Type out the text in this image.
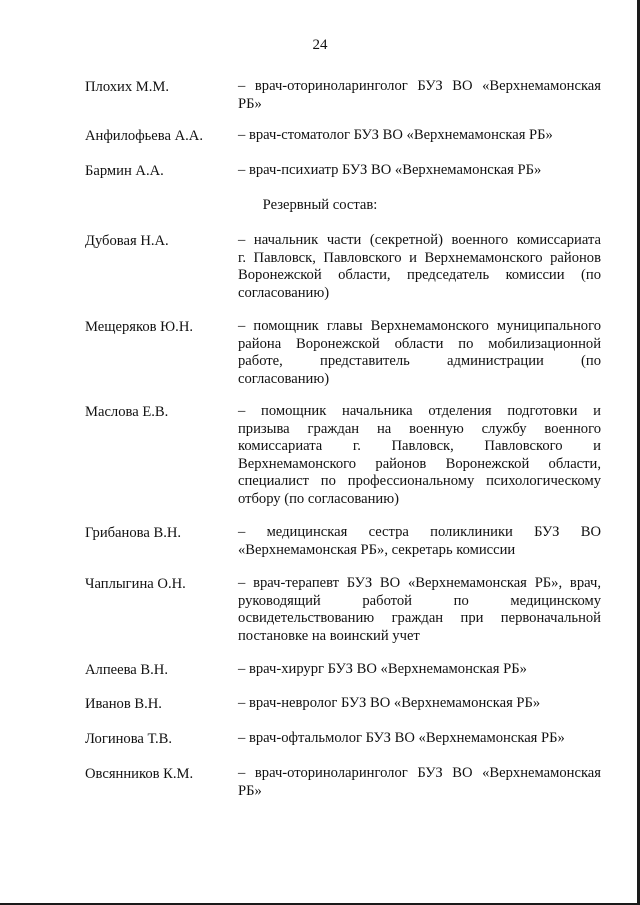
24
Плохих М.М.	– врач-оториноларинголог БУЗ ВО «Верхнемамонская
РБ»
Анфилофьева А.А. – врач-стоматолог БУЗ ВО «Верхнемамонская РБ»
Бармин А.А.	– врач-психиатр БУЗ ВО «Верхнемамонская РБ»
Резервный состав:
Дубовая Н.А.	– начальник части (секретной) военного комиссариата
г. Павловск, Павловского и Верхнемамонского районов
Воронежской области, председатель комиссии (по
согласованию)
Мещеряков Ю.Н.	– помощник главы Верхнемамонского муниципального
района Воронежской области по мобилизационной
работе, представитель администрации (по
согласованию)
Маслова Е.В.	– помощник начальника отделения подготовки и
призыва граждан на военную службу военного
комиссариата г. Павловск, Павловского и
Верхнемамонского районов Воронежской области,
специалист по профессиональному психологическому
отбору (по согласованию)
Грибанова В.Н.	– медицинская сестра поликлиники БУЗ ВО
«Верхнемамонская РБ», секретарь комиссии
Чаплыгина О.Н.	– врач-терапевт БУЗ ВО «Верхнемамонская РБ», врач,
руководящий работой по медицинскому
освидетельствованию граждан при первоначальной
постановке на воинский учет
Алпеева В.Н.	– врач-хирург БУЗ ВО «Верхнемамонская РБ»
Иванов В.Н.	– врач-невролог БУЗ ВО «Верхнемамонская РБ»
Логинова Т.В.	– врач-офтальмолог БУЗ ВО «Верхнемамонская РБ»
Овсянников К.М.	– врач-оториноларинголог БУЗ ВО «Верхнемамонская
РБ»
